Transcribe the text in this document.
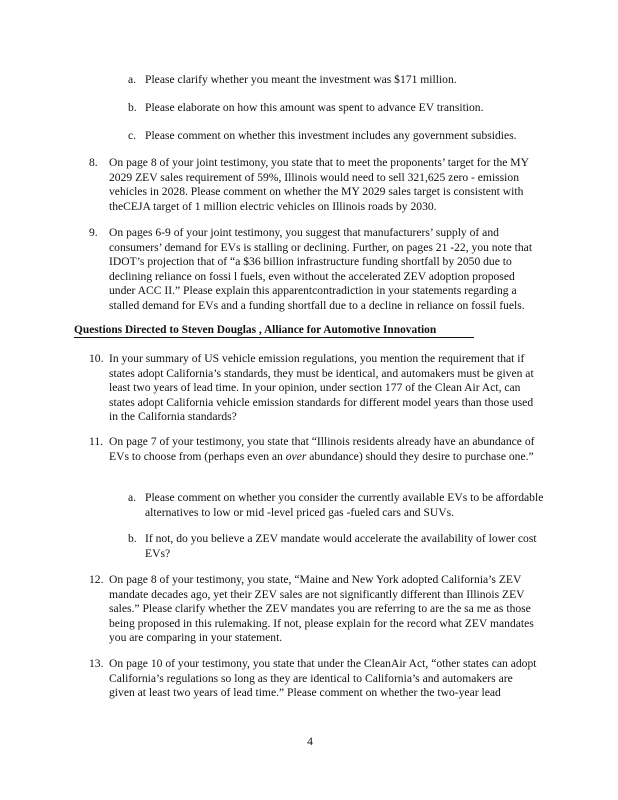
a. Please clarify whether you meant the investment was $171 million.
b. Please elaborate on how this amount was spent to advance EV transition.
c. Please comment on whether this investment includes any government subsidies.
8. On page 8 of your joint testimony, you state that to meet the proponents’ target for the MY 2029 ZEV sales requirement of 59%, Illinois would need to sell 321,625 zero - emission vehicles in 2028. Please comment on whether the MY 2029 sales target is consistent with theCEJA target of 1 million electric vehicles on Illinois roads by 2030.
9. On pages 6-9 of your joint testimony, you suggest that manufacturers’ supply of and consumers’ demand for EVs is stalling or declining. Further, on pages 21 -22, you note that IDOT’s projection that of “a $36 billion infrastructure funding shortfall by 2050 due to declining reliance on fossi l fuels, even without the accelerated ZEV adoption proposed under ACC II.” Please explain this apparentcontradiction in your statements regarding a stalled demand for EVs and a funding shortfall due to a decline in reliance on fossil fuels.
Questions Directed to Steven Douglas , Alliance for Automotive Innovation
10. In your summary of US vehicle emission regulations, you mention the requirement that if states adopt California’s standards, they must be identical, and automakers must be given at least two years of lead time. In your opinion, under section 177 of the Clean Air Act, can states adopt California vehicle emission standards for different model years than those used in the California standards?
11. On page 7 of your testimony, you state that “Illinois residents already have an abundance of EVs to choose from (perhaps even an over abundance) should they desire to purchase one.”
a. Please comment on whether you consider the currently available EVs to be affordable alternatives to low or mid -level priced gas -fueled cars and SUVs.
b. If not, do you believe a ZEV mandate would accelerate the availability of lower cost EVs?
12. On page 8 of your testimony, you state, “Maine and New York adopted California’s ZEV mandate decades ago, yet their ZEV sales are not significantly different than Illinois ZEV sales.” Please clarify whether the ZEV mandates you are referring to are the sa me as those being proposed in this rulemaking. If not, please explain for the record what ZEV mandates you are comparing in your statement.
13. On page 10 of your testimony, you state that under the CleanAir Act, “other states can adopt California’s regulations so long as they are identical to California’s and automakers are given at least two years of lead time.” Please comment on whether the two-year lead
4
